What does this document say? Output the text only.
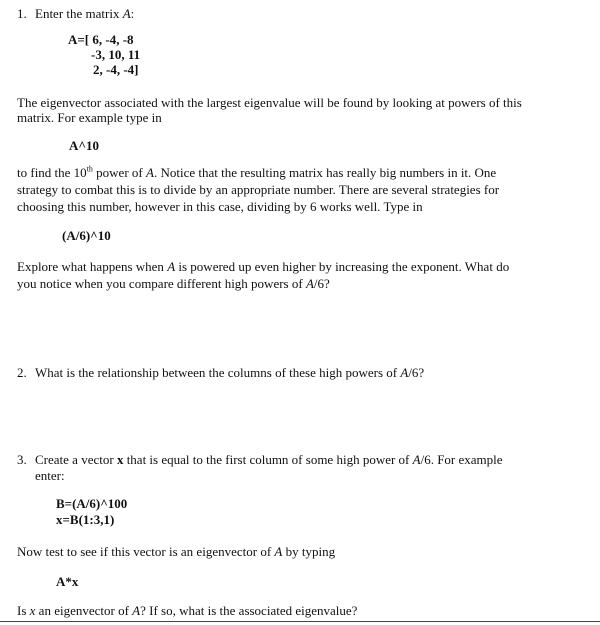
1. Enter the matrix A:
A=[ 6, -4, -8
-3, 10, 11
2, -4, -4]
The eigenvector associated with the largest eigenvalue will be found by looking at powers of this
matrix. For example type in
A^10
to find the 10th power of A. Notice that the resulting matrix has really big numbers in it. One
strategy to combat this is to divide by an appropriate number. There are several strategies for
choosing this number, however in this case, dividing by 6 works well. Type in
(A/6)^10
Explore what happens when A is powered up even higher by increasing the exponent. What do
you notice when you compare different high powers of A/6?
2. What is the relationship between the columns of these high powers of A/6?
3. Create a vector x that is equal to the first column of some high power of A/6. For example
enter:
B=(A/6)^100
x=B(1:3,1)
Now test to see if this vector is an eigenvector of A by typing
A*x
Is x an eigenvector of A? If so, what is the associated eigenvalue?
